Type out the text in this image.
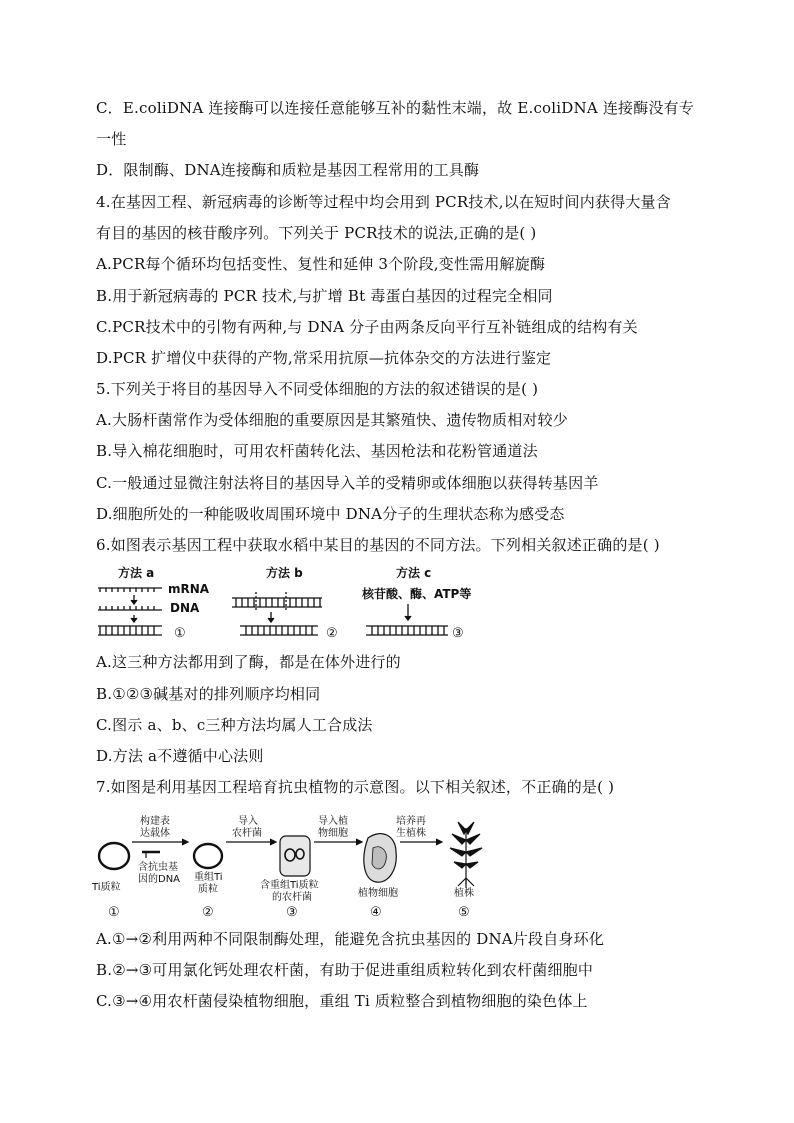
C．E.coliDNA 连接酶可以连接任意能够互补的黏性末端，故 E.coliDNA 连接酶没有专
一性
D．限制酶、DNA连接酶和质粒是基因工程常用的工具酶
4.在基因工程、新冠病毒的诊断等过程中均会用到 PCR技术,以在短时间内获得大量含
有目的基因的核苷酸序列。下列关于 PCR技术的说法,正确的是( )
A.PCR每个循环均包括变性、复性和延伸 3个阶段,变性需用解旋酶
B.用于新冠病毒的 PCR 技术,与扩增 Bt 毒蛋白基因的过程完全相同
C.PCR技术中的引物有两种,与 DNA 分子由两条反向平行互补链组成的结构有关
D.PCR 扩增仪中获得的产物,常采用抗原—抗体杂交的方法进行鉴定
5.下列关于将目的基因导入不同受体细胞的方法的叙述错误的是( )
A.大肠杆菌常作为受体细胞的重要原因是其繁殖快、遗传物质相对较少
B.导入棉花细胞时，可用农杆菌转化法、基因枪法和花粉管通道法
C.一般通过显微注射法将目的基因导入羊的受精卵或体细胞以获得转基因羊
D.细胞所处的一种能吸收周围环境中 DNA分子的生理状态称为感受态
6.如图表示基因工程中获取水稻中某目的基因的不同方法。下列相关叙述正确的是( )
方法 a
mRNA
DNA
①
方法 b
②
方法 c
核苷酸、酶、ATP等
③
A.这三种方法都用到了酶，都是在体外进行的
B.①②③碱基对的排列顺序均相同
C.图示 a、b、c三种方法均属人工合成法
D.方法 a不遵循中心法则
7.如图是利用基因工程培育抗虫植物的示意图。以下相关叙述，不正确的是( )
构建表
达载体
导入
农杆菌
导入植
物细胞
培养再
生植株
Ti质粒
含抗虫基
因的DNA 重组Ti
质粒	含重组Ti质粒
的农杆菌	植物细胞	植株
①	②	③	④	⑤
A.①→②利用两种不同限制酶处理，能避免含抗虫基因的 DNA片段自身环化
B.②→③可用氯化钙处理农杆菌，有助于促进重组质粒转化到农杆菌细胞中
C.③→④用农杆菌侵染植物细胞，重组 Ti 质粒整合到植物细胞的染色体上
